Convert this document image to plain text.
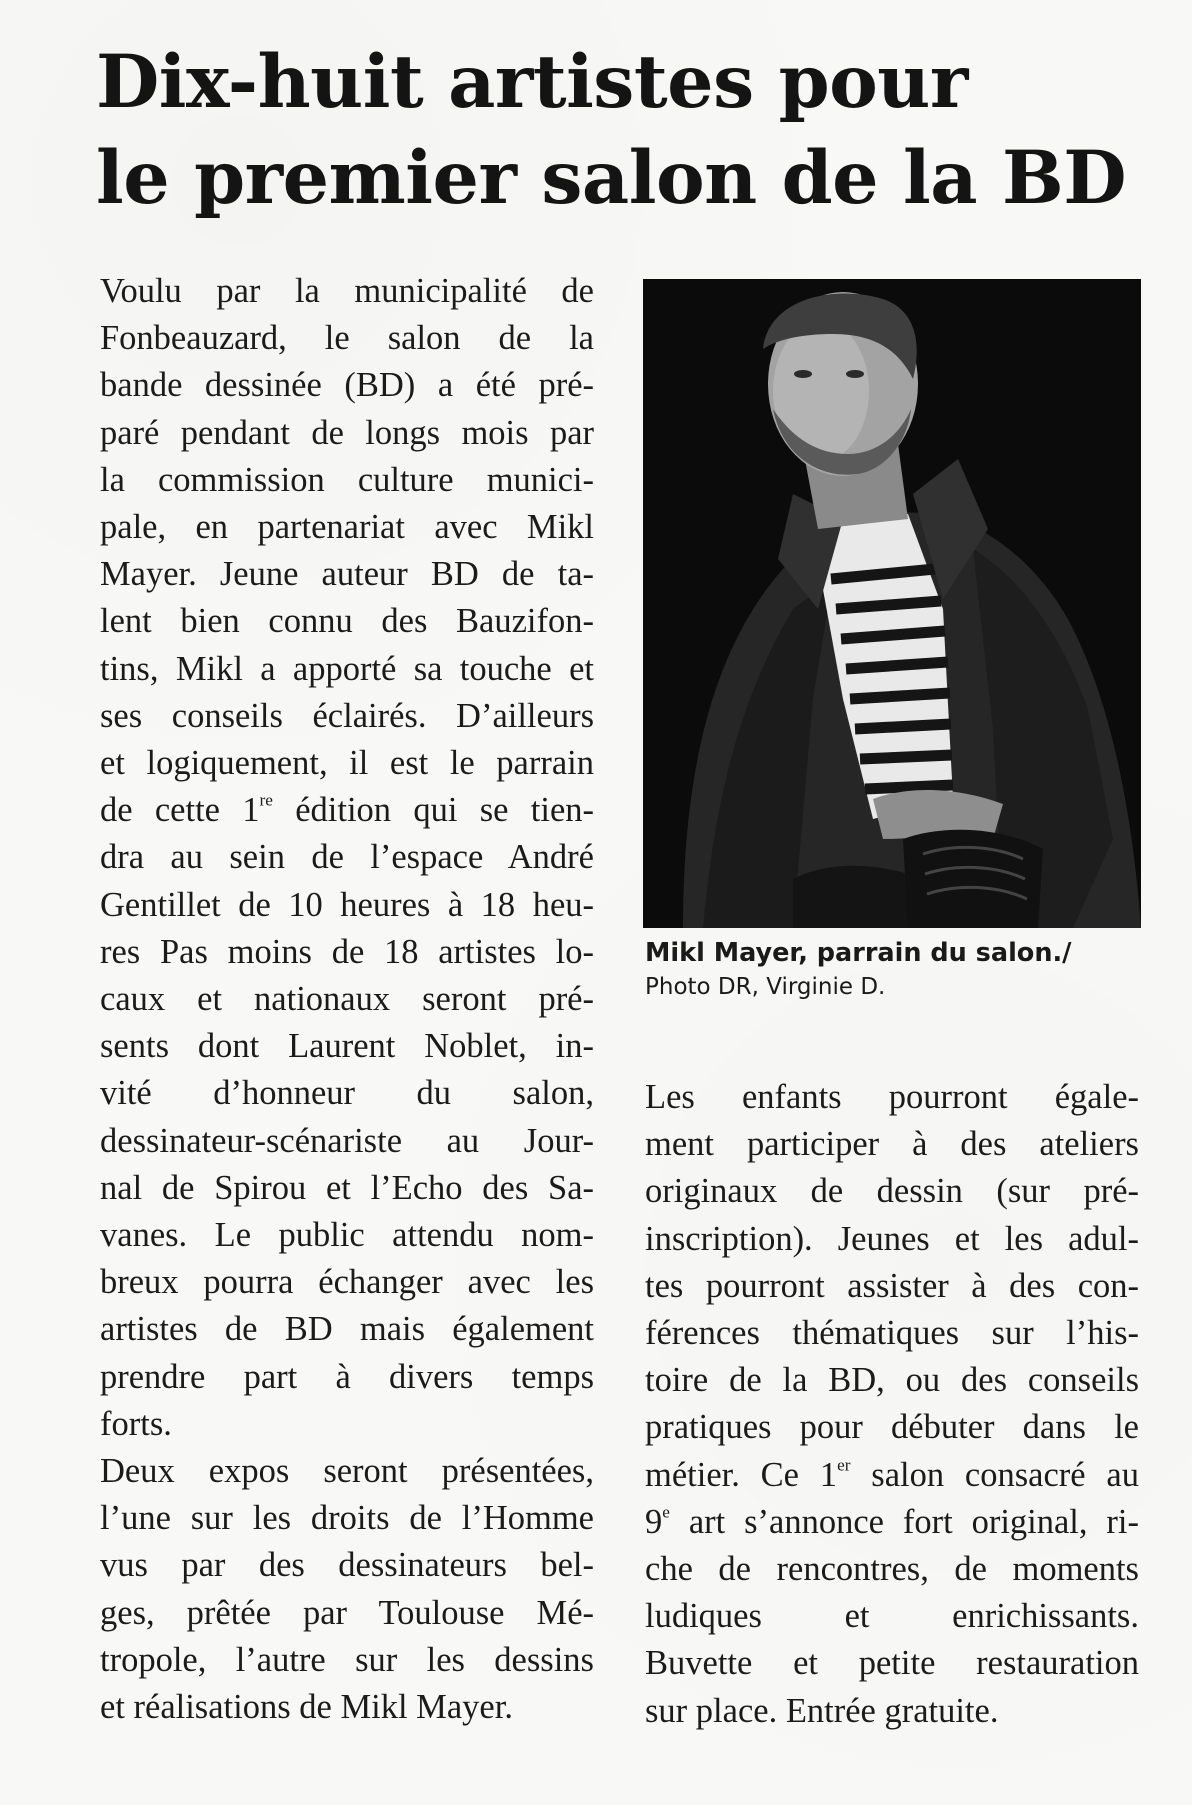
Dix-huit artistes pour
le premier salon de la BD

Voulu par la municipalité de
Fonbeauzard, le salon de la
bande dessinée (BD) a été pré-
paré pendant de longs mois par
la commission culture munici-
pale, en partenariat avec Mikl
Mayer. Jeune auteur BD de ta-
lent bien connu des Bauzifon-
tins, Mikl a apporté sa touche et
ses conseils éclairés. D’ailleurs
et logiquement, il est le parrain
de cette 1re édition qui se tien-
dra au sein de l’espace André
Gentillet de 10 heures à 18 heu-
res Pas moins de 18 artistes lo-
caux et nationaux seront pré-
sents dont Laurent Noblet, in-
vité d’honneur du salon,
dessinateur-scénariste au Jour-
nal de Spirou et l’Echo des Sa-
vanes. Le public attendu nom-
breux pourra échanger avec les
artistes de BD mais également
prendre part à divers temps
forts.

Deux expos seront présentées,
l’une sur les droits de l’Homme
vus par des dessinateurs bel-
ges, prêtée par Toulouse Mé-
tropole, l’autre sur les dessins
et réalisations de Mikl Mayer.

Mikl Mayer, parrain du salon./
Photo DR, Virginie D.

Les enfants pourront égale-
ment participer à des ateliers
originaux de dessin (sur pré-
inscription). Jeunes et les adul-
tes pourront assister à des con-
férences thématiques sur l’his-
toire de la BD, ou des conseils
pratiques pour débuter dans le
métier. Ce 1er salon consacré au
9e art s’annonce fort original, ri-
che de rencontres, de moments
ludiques et enrichissants.
Buvette et petite restauration
sur place. Entrée gratuite.
